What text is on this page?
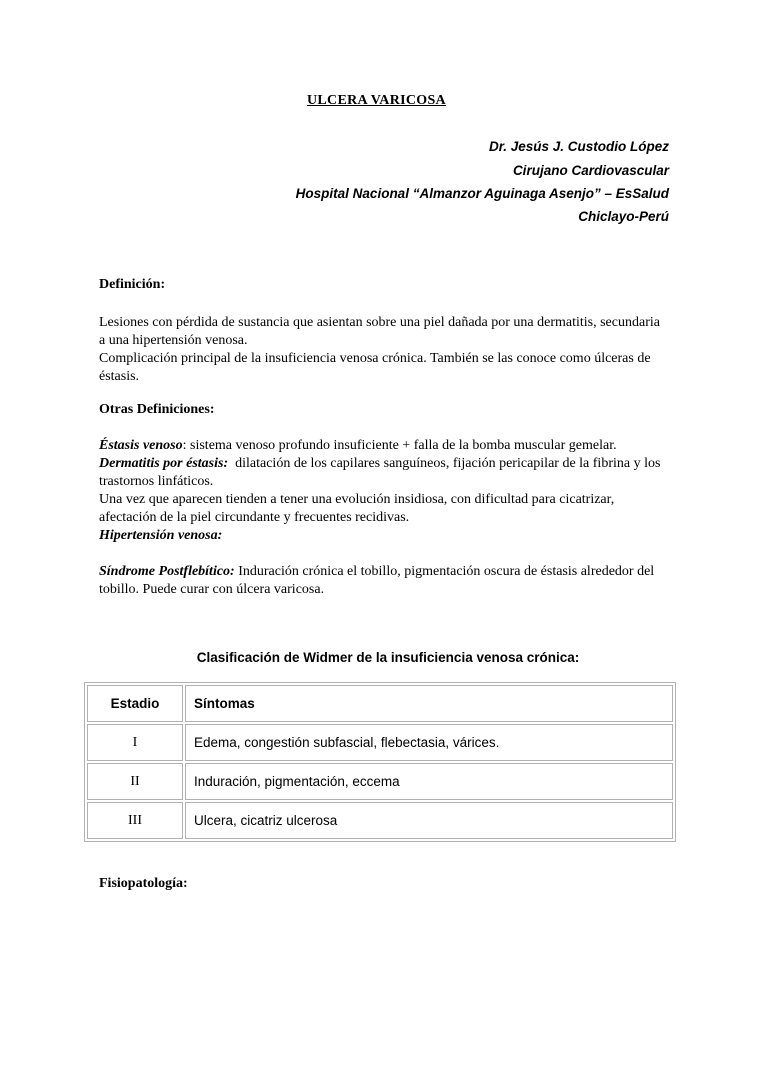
ULCERA VARICOSA
Dr. Jesús J. Custodio López
Cirujano Cardiovascular
Hospital Nacional “Almanzor Aguinaga Asenjo” – EsSalud
Chiclayo-Perú
Definición:
Lesiones con pérdida de sustancia que asientan sobre una piel dañada por una dermatitis, secundaria a una hipertensión venosa.
Complicación principal de la insuficiencia venosa crónica. También se las conoce como úlceras de éstasis.
Otras Definiciones:
Éstasis venoso: sistema venoso profundo insuficiente + falla de la bomba muscular gemelar.
Dermatitis por éstasis:  dilatación de los capilares sanguíneos, fijación pericapilar de la fibrina y los trastornos linfáticos.
Una vez que aparecen tienden a tener una evolución insidiosa, con dificultad para cicatrizar, afectación de la piel circundante y frecuentes recidivas.
Hipertensión venosa:
Síndrome Postflebítico: Induración crónica el tobillo, pigmentación oscura de éstasis alrededor del tobillo. Puede curar con úlcera varicosa.
Clasificación de Widmer de la insuficiencia venosa crónica:
Estadio	Síntomas
I	Edema, congestión subfascial, flebectasia, várices.
II	Induración, pigmentación, eccema
III	Ulcera, cicatriz ulcerosa
Fisiopatología:
